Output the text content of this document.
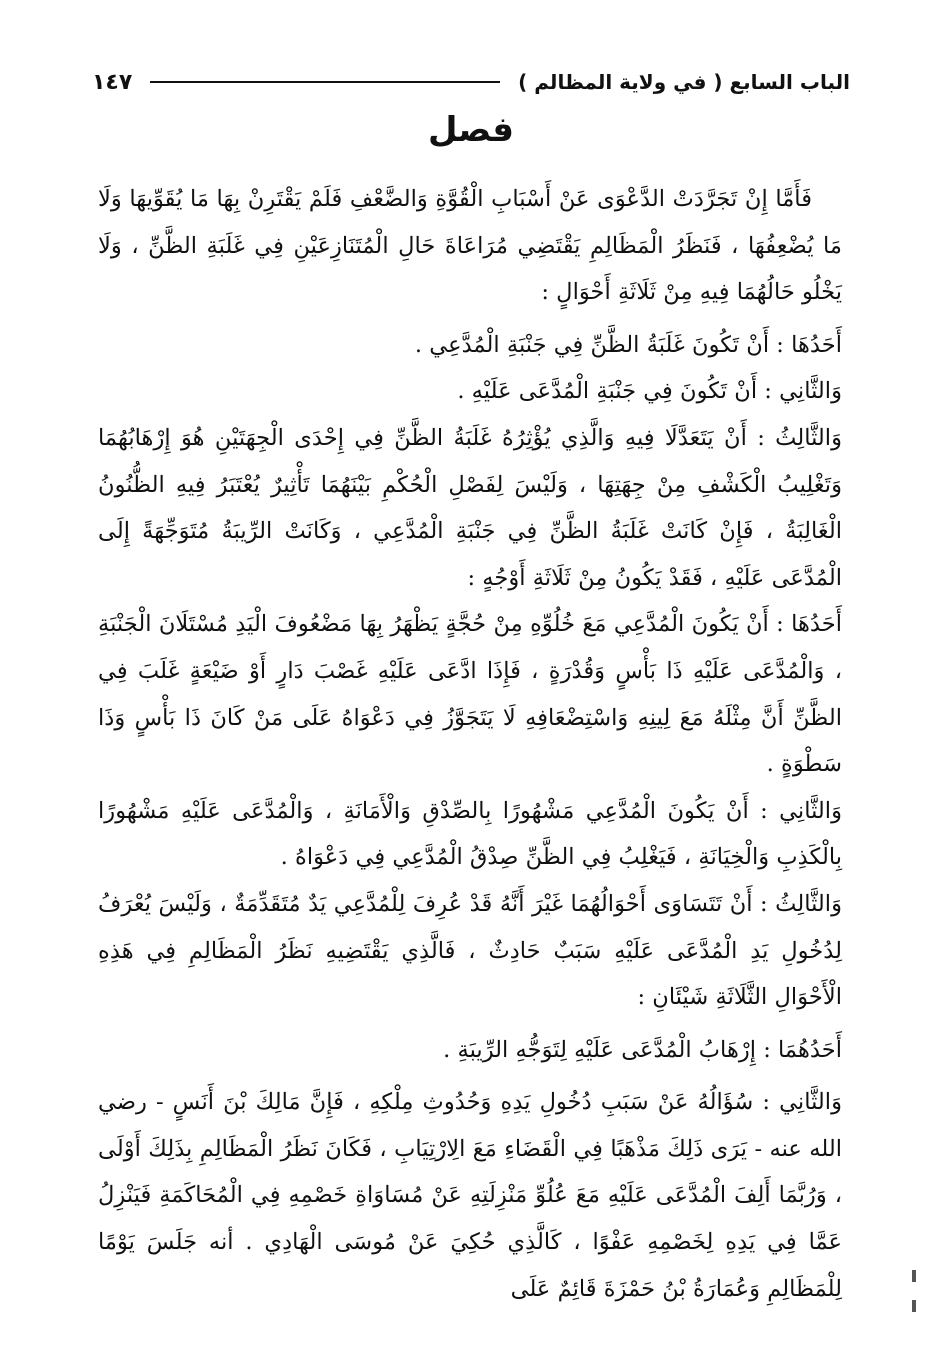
الباب السابع ( في ولاية المظالم )
١٤٧
فصل

فَأَمَّا إِنْ تَجَرَّدَتْ الدَّعْوَى عَنْ أَسْبَابِ الْقُوَّةِ وَالضَّعْفِ فَلَمْ يَقْتَرِنْ بِهَا مَا يُقَوِّيهَا وَلَا مَا يُضْعِفُهَا ، فَنَظَرُ الْمَظَالِمِ يَقْتَضِي مُرَاعَاةَ حَالِ الْمُتَنَازِعَيْنِ فِي غَلَبَةِ الظَّنِّ ، وَلَا يَخْلُو حَالُهُمَا فِيهِ مِنْ ثَلَاثَةِ أَحْوَالٍ :

أَحَدُهَا : أَنْ تَكُونَ غَلَبَةُ الظَّنِّ فِي جَنْبَةِ الْمُدَّعِي .

وَالثَّانِي : أَنْ تَكُونَ فِي جَنْبَةِ الْمُدَّعَى عَلَيْهِ .

وَالثَّالِثُ : أَنْ يَتَعَدَّلَا فِيهِ وَالَّذِي يُؤْثِرُهُ غَلَبَةُ الظَّنِّ فِي إِحْدَى الْجِهَتَيْنِ هُوَ إِرْهَابُهُمَا وَتَغْلِيبُ الْكَشْفِ مِنْ جِهَتِهَا ، وَلَيْسَ لِفَصْلِ الْحُكْمِ بَيْنَهُمَا تَأْثِيرٌ يُعْتَبَرُ فِيهِ الظُّنُونُ الْغَالِبَةُ ، فَإِنْ كَانَتْ غَلَبَةُ الظَّنِّ فِي جَنْبَةِ الْمُدَّعِي ، وَكَانَتْ الرِّيبَةُ مُتَوَجِّهَةً إِلَى الْمُدَّعَى عَلَيْهِ ، فَقَدْ يَكُونُ مِنْ ثَلَاثَةِ أَوْجُهٍ :

أَحَدُهَا : أَنْ يَكُونَ الْمُدَّعِي مَعَ خُلُوِّهِ مِنْ حُجَّةٍ يَظْهَرُ بِهَا مَضْعُوفَ الْيَدِ مُسْتَلَانَ الْجَنْبَةِ ، وَالْمُدَّعَى عَلَيْهِ ذَا بَأْسٍ وَقُدْرَةٍ ، فَإِذَا ادَّعَى عَلَيْهِ غَصْبَ دَارٍ أَوْ ضَيْعَةٍ غَلَبَ فِي الظَّنِّ أَنَّ مِثْلَهُ مَعَ لِينِهِ وَاسْتِضْعَافِهِ لَا يَتَجَوَّزُ فِي دَعْوَاهُ عَلَى مَنْ كَانَ ذَا بَأْسٍ وَذَا سَطْوَةٍ .

وَالثَّانِي : أَنْ يَكُونَ الْمُدَّعِي مَشْهُورًا بِالصِّدْقِ وَالْأَمَانَةِ ، وَالْمُدَّعَى عَلَيْهِ مَشْهُورًا بِالْكَذِبِ وَالْخِيَانَةِ ، فَيَغْلِبُ فِي الظَّنِّ صِدْقُ الْمُدَّعِي فِي دَعْوَاهُ .

وَالثَّالِثُ : أَنْ تَتَسَاوَى أَحْوَالُهُمَا غَيْرَ أَنَّهُ قَدْ عُرِفَ لِلْمُدَّعِي يَدٌ مُتَقَدِّمَةٌ ، وَلَيْسَ يُعْرَفُ لِدُخُولِ يَدِ الْمُدَّعَى عَلَيْهِ سَبَبٌ حَادِثٌ ، فَالَّذِي يَقْتَضِيهِ نَظَرُ الْمَظَالِمِ فِي هَذِهِ الْأَحْوَالِ الثَّلَاثَةِ شَيْئَانِ :

أَحَدُهُمَا : إِرْهَابُ الْمُدَّعَى عَلَيْهِ لِتَوَجُّهِ الرِّيبَةِ .

وَالثَّانِي : سُؤَالُهُ عَنْ سَبَبِ دُخُولِ يَدِهِ وَحُدُوثِ مِلْكِهِ ، فَإِنَّ مَالِكَ بْنَ أَنَسٍ - رضي الله عنه - يَرَى ذَلِكَ مَذْهَبًا فِي الْقَضَاءِ مَعَ الِارْتِيَابِ ، فَكَانَ نَظَرُ الْمَظَالِمِ بِذَلِكَ أَوْلَى ، وَرُبَّمَا أَلِفَ الْمُدَّعَى عَلَيْهِ مَعَ عُلُوِّ مَنْزِلَتِهِ عَنْ مُسَاوَاةِ خَصْمِهِ فِي الْمُحَاكَمَةِ فَيَنْزِلُ عَمَّا فِي يَدِهِ لِخَصْمِهِ عَفْوًا ، كَالَّذِي حُكِيَ عَنْ مُوسَى الْهَادِي . أنه جَلَسَ يَوْمًا لِلْمَظَالِمِ وَعُمَارَةُ بْنُ حَمْزَةَ قَائِمٌ عَلَى
